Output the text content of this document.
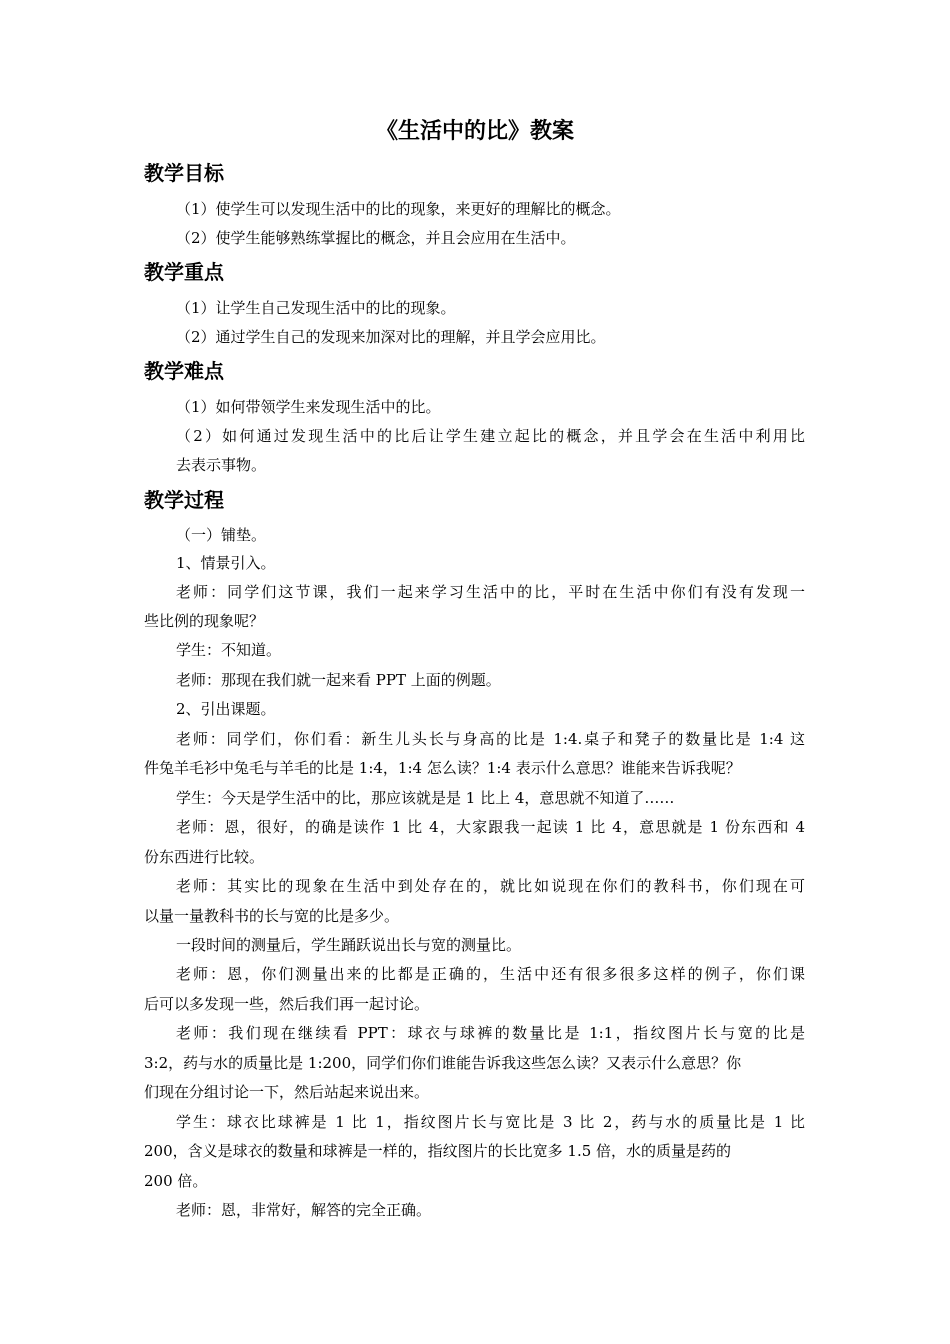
《生活中的比》教案
教学目标
（1）使学生可以发现生活中的比的现象，来更好的理解比的概念。
（2）使学生能够熟练掌握比的概念，并且会应用在生活中。
教学重点
（1）让学生自己发现生活中的比的现象。
（2）通过学生自己的发现来加深对比的理解，并且学会应用比。
教学难点
（1）如何带领学生来发现生活中的比。
（2）如何通过发现生活中的比后让学生建立起比的概念，并且学会在生活中利用比
去表示事物。
教学过程
（一）铺垫。
1、情景引入。
老师：同学们这节课，我们一起来学习生活中的比，平时在生活中你们有没有发现一
些比例的现象呢？
学生：不知道。
老师：那现在我们就一起来看 PPT 上面的例题。
2、引出课题。
老师：同学们，你们看：新生儿头长与身高的比是 1:4.桌子和凳子的数量比是 1:4 这
件兔羊毛衫中兔毛与羊毛的比是 1:4，1:4 怎么读？1:4 表示什么意思？谁能来告诉我呢？
学生：今天是学生活中的比，那应该就是是 1 比上 4，意思就不知道了……
老师：恩，很好，的确是读作 1 比 4，大家跟我一起读 1 比 4，意思就是 1 份东西和 4
份东西进行比较。
老师：其实比的现象在生活中到处存在的，就比如说现在你们的教科书，你们现在可
以量一量教科书的长与宽的比是多少。
一段时间的测量后，学生踊跃说出长与宽的测量比。
老师：恩，你们测量出来的比都是正确的，生活中还有很多很多这样的例子，你们课
后可以多发现一些，然后我们再一起讨论。
老师：我们现在继续看 PPT：球衣与球裤的数量比是 1:1，指纹图片长与宽的比是
3:2，药与水的质量比是 1:200，同学们你们谁能告诉我这些怎么读？又表示什么意思？你
们现在分组讨论一下，然后站起来说出来。
学生：球衣比球裤是 1 比 1，指纹图片长与宽比是 3 比 2，药与水的质量比是 1 比
200，含义是球衣的数量和球裤是一样的，指纹图片的长比宽多 1.5 倍，水的质量是药的
200 倍。
老师：恩，非常好，解答的完全正确。
